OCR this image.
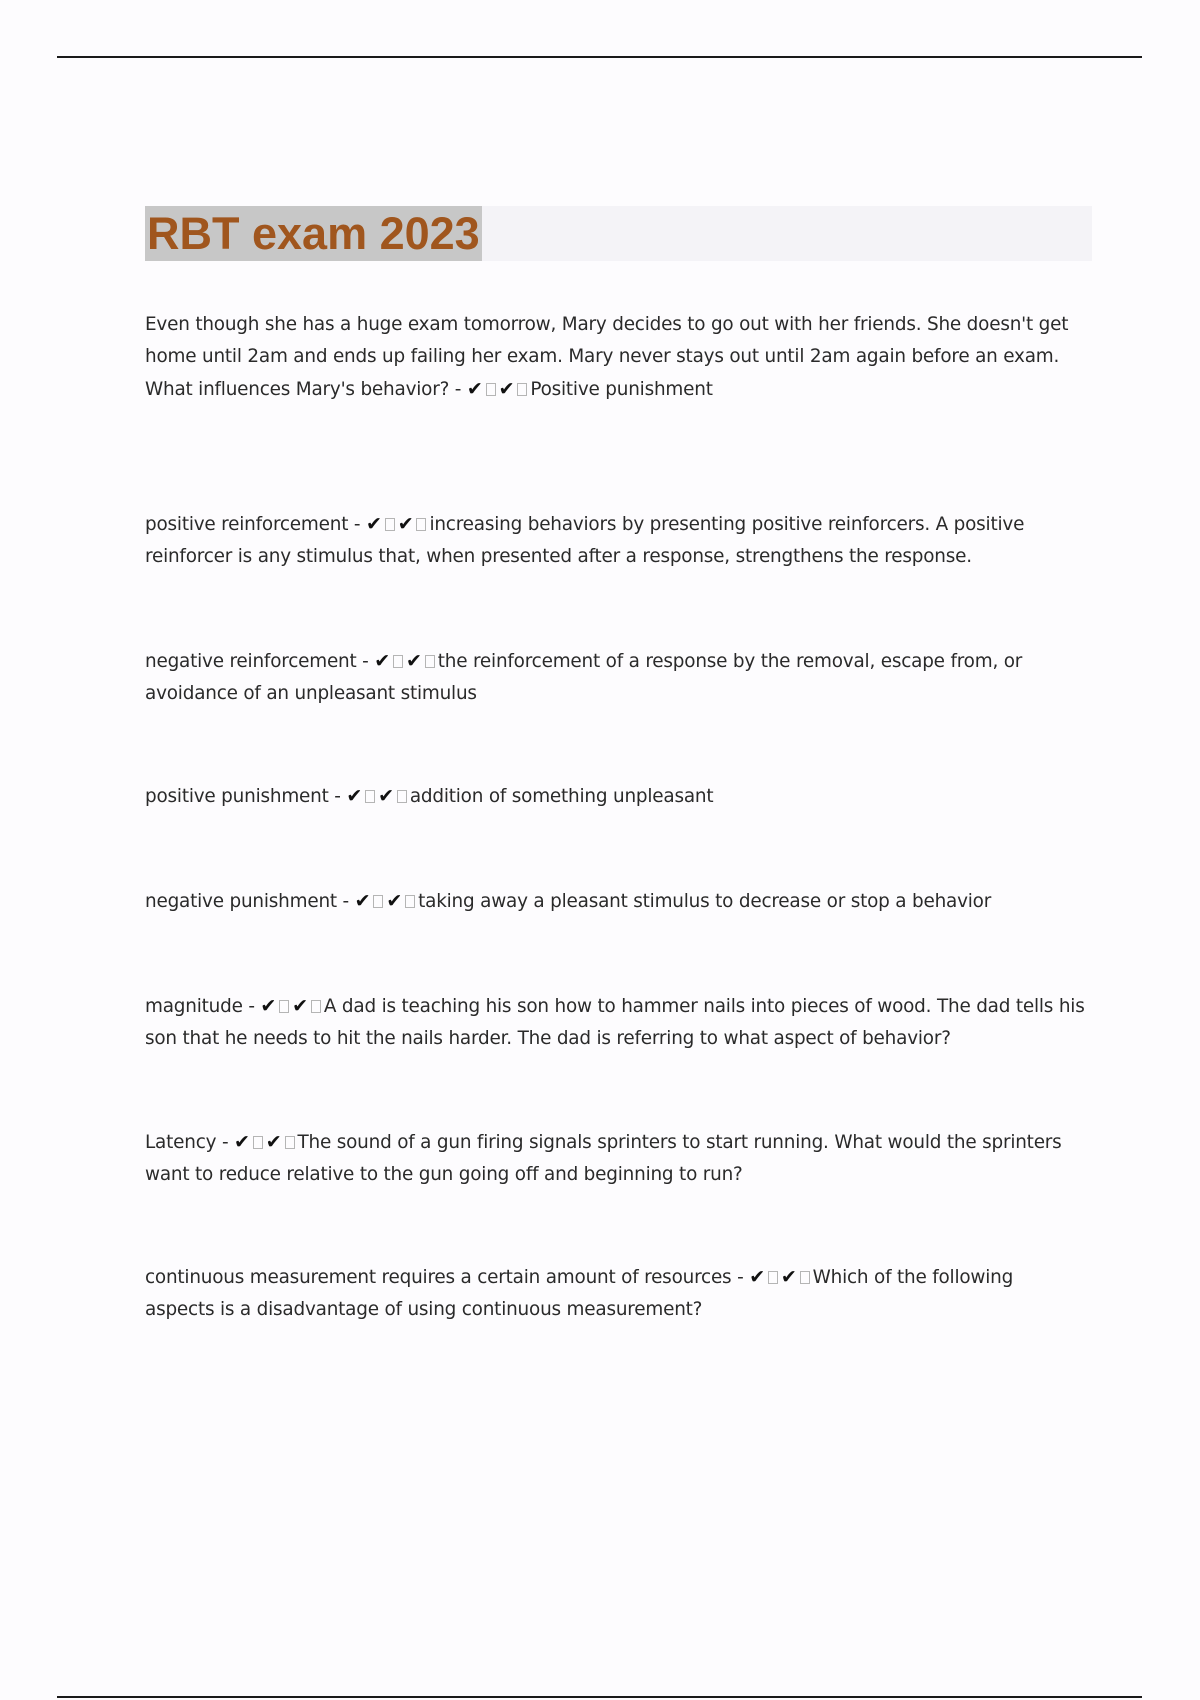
RBT exam 2023
Even though she has a huge exam tomorrow, Mary decides to go out with her friends. She doesn't get home until 2am and ends up failing her exam. Mary never stays out until 2am again before an exam. What influences Mary's behavior? - ✔ ✔ Positive punishment
positive reinforcement - ✔ ✔ increasing behaviors by presenting positive reinforcers. A positive reinforcer is any stimulus that, when presented after a response, strengthens the response.
negative reinforcement - ✔ ✔ the reinforcement of a response by the removal, escape from, or avoidance of an unpleasant stimulus
positive punishment - ✔ ✔ addition of something unpleasant
negative punishment - ✔ ✔ taking away a pleasant stimulus to decrease or stop a behavior
magnitude - ✔ ✔ A dad is teaching his son how to hammer nails into pieces of wood. The dad tells his son that he needs to hit the nails harder. The dad is referring to what aspect of behavior?
Latency - ✔ ✔ The sound of a gun firing signals sprinters to start running. What would the sprinters want to reduce relative to the gun going off and beginning to run?
continuous measurement requires a certain amount of resources - ✔ ✔ Which of the following aspects is a disadvantage of using continuous measurement?
